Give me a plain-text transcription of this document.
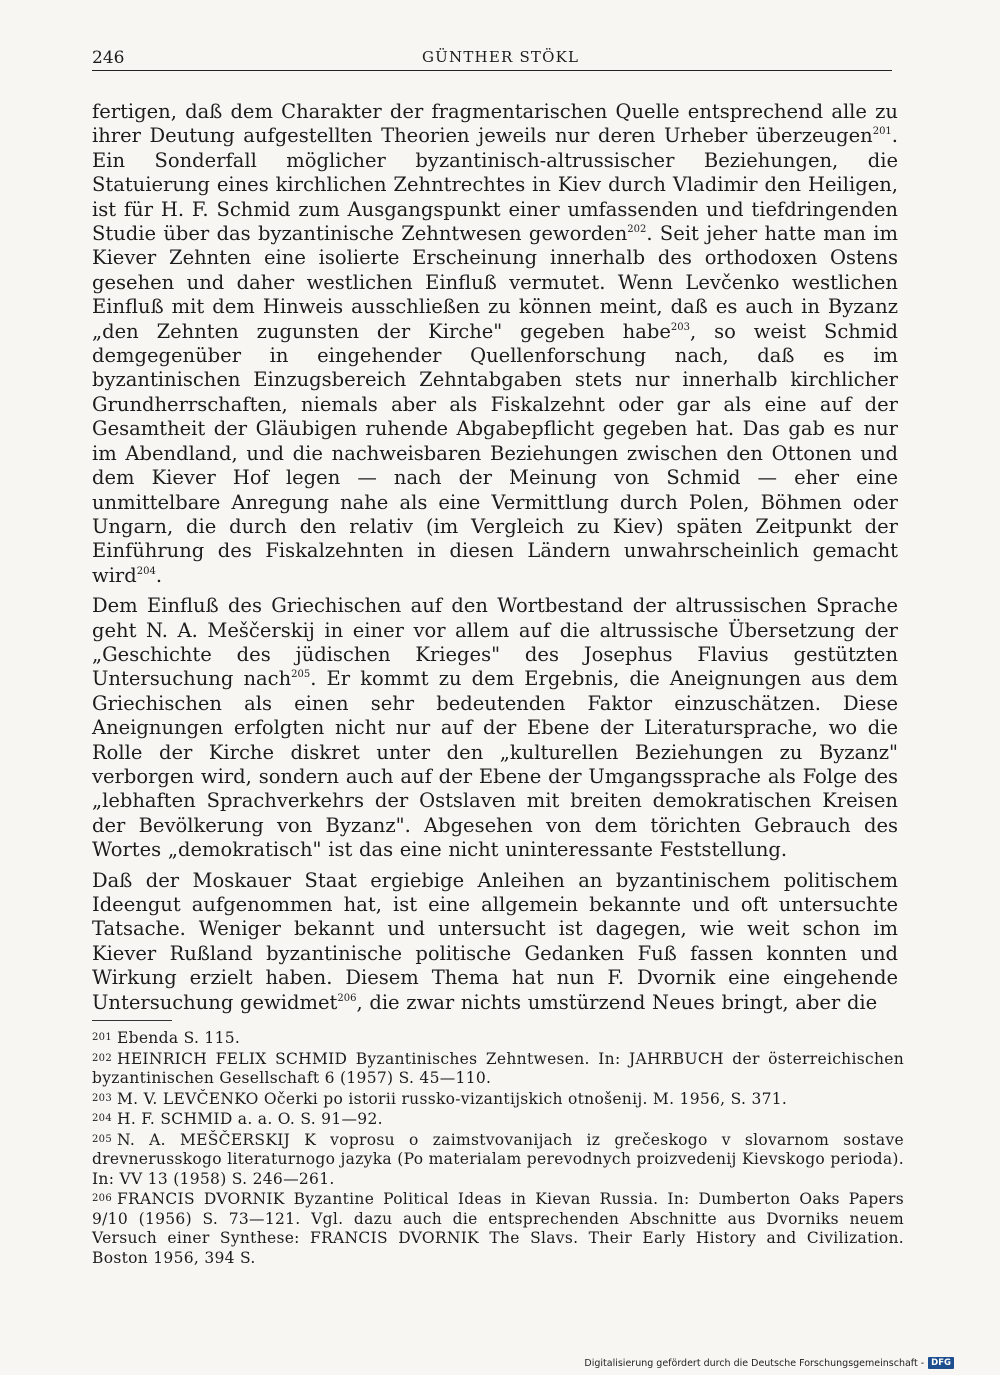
246	GÜNTHER STÖKL

fertigen, daß dem Charakter der fragmentarischen Quelle entsprechend alle zu ihrer Deutung aufgestellten Theorien jeweils nur deren Urheber überzeugen$^{201}$. Ein Sonderfall möglicher byzantinisch-altrussischer Beziehungen, die Statuierung eines kirchlichen Zehntrechtes in Kiev durch Vladimir den Heiligen, ist für H. F. Schmid zum Ausgangspunkt einer umfassenden und tiefdringenden Studie über das byzantinische Zehntwesen geworden$^{202}$. Seit jeher hatte man im Kiever Zehnten eine isolierte Erscheinung innerhalb des orthodoxen Ostens gesehen und daher westlichen Einfluß vermutet. Wenn Levčenko westlichen Einfluß mit dem Hinweis ausschließen zu können meint, daß es auch in Byzanz „den Zehnten zugunsten der Kirche" gegeben habe$^{203}$, so weist Schmid demgegenüber in eingehender Quellenforschung nach, daß es im byzantinischen Einzugsbereich Zehntabgaben stets nur innerhalb kirchlicher Grundherrschaften, niemals aber als Fiskalzehnt oder gar als eine auf der Gesamtheit der Gläubigen ruhende Abgabepflicht gegeben hat. Das gab es nur im Abendland, und die nachweisbaren Beziehungen zwischen den Ottonen und dem Kiever Hof legen — nach der Meinung von Schmid — eher eine unmittelbare Anregung nahe als eine Vermittlung durch Polen, Böhmen oder Ungarn, die durch den relativ (im Vergleich zu Kiev) späten Zeitpunkt der Einführung des Fiskalzehnten in diesen Ländern unwahrscheinlich gemacht wird$^{204}$.

Dem Einfluß des Griechischen auf den Wortbestand der altrussischen Sprache geht N. A. Meščerskij in einer vor allem auf die altrussische Übersetzung der „Geschichte des jüdischen Krieges" des Josephus Flavius gestützten Untersuchung nach$^{205}$. Er kommt zu dem Ergebnis, die Aneignungen aus dem Griechischen als einen sehr bedeutenden Faktor einzuschätzen. Diese Aneignungen erfolgten nicht nur auf der Ebene der Literatursprache, wo die Rolle der Kirche diskret unter den „kulturellen Beziehungen zu Byzanz" verborgen wird, sondern auch auf der Ebene der Umgangssprache als Folge des „lebhaften Sprachverkehrs der Ostslaven mit breiten demokratischen Kreisen der Bevölkerung von Byzanz". Abgesehen von dem törichten Gebrauch des Wortes „demokratisch" ist das eine nicht uninteressante Feststellung.

Daß der Moskauer Staat ergiebige Anleihen an byzantinischem politischem Ideengut aufgenommen hat, ist eine allgemein bekannte und oft untersuchte Tatsache. Weniger bekannt und untersucht ist dagegen, wie weit schon im Kiever Rußland byzantinische politische Gedanken Fuß fassen konnten und Wirkung erzielt haben. Diesem Thema hat nun F. Dvornik eine eingehende Untersuchung gewidmet$^{206}$, die zwar nichts umstürzend Neues bringt, aber die

201 Ebenda S. 115.

202 HEINRICH FELIX SCHMID Byzantinisches Zehntwesen. In: JAHRBUCH der österreichischen byzantinischen Gesellschaft 6 (1957) S. 45—110.

203 M. V. LEVČENKO Očerki po istorii russko-vizantijskich otnošenij. M. 1956, S. 371.

204 H. F. SCHMID a. a. O. S. 91—92.

205 N. A. MEŠČERSKIJ K voprosu o zaimstvovanijach iz grečeskogo v slovarnom sostave drevnerusskogo literaturnogo jazyka (Po materialam perevodnych proizvedenij Kievskogo perioda). In: VV 13 (1958) S. 246—261.

206 FRANCIS DVORNIK Byzantine Political Ideas in Kievan Russia. In: Dumberton Oaks Papers 9/10 (1956) S. 73—121. Vgl. dazu auch die entsprechenden Abschnitte aus Dvorniks neuem Versuch einer Synthese: FRANCIS DVORNIK The Slavs. Their Early History and Civilization. Boston 1956, 394 S.

Digitalisierung gefördert durch die Deutsche Forschungsgemeinschaft - DFG
